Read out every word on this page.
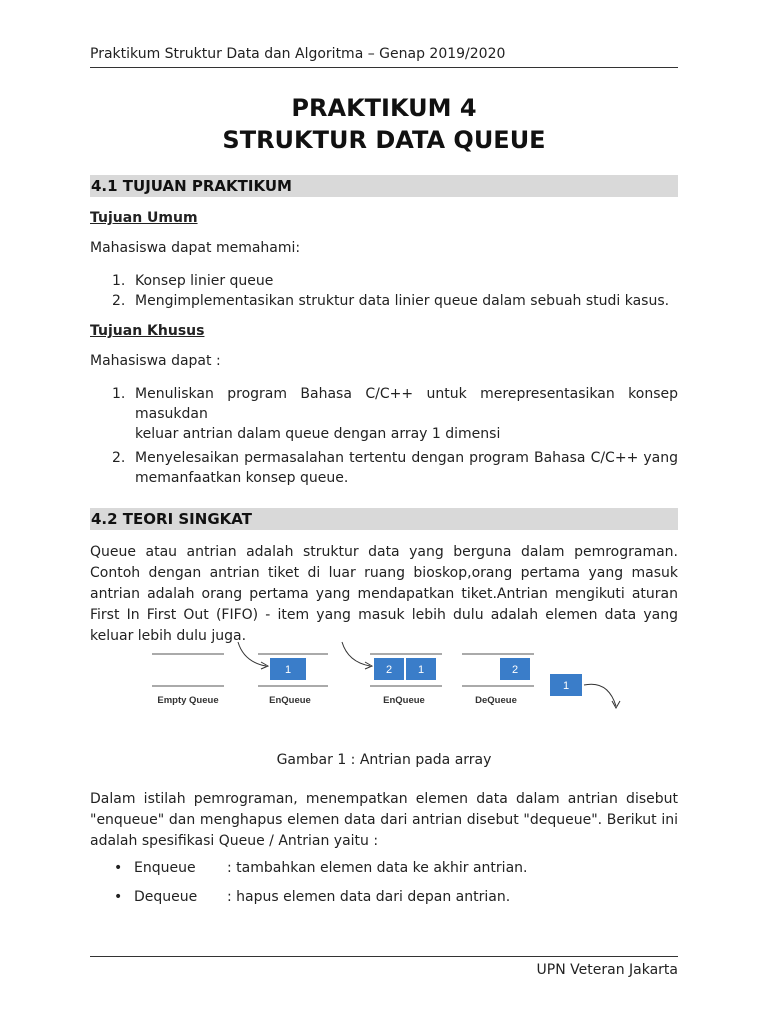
Praktikum Struktur Data dan Algoritma – Genap 2019/2020
PRAKTIKUM 4
STRUKTUR DATA QUEUE
4.1 TUJUAN PRAKTIKUM
Tujuan Umum
Mahasiswa dapat memahami:
1. Konsep linier queue
2. Mengimplementasikan struktur data linier queue dalam sebuah studi kasus.
Tujuan Khusus
Mahasiswa dapat :
1. Menuliskan program Bahasa C/C++ untuk merepresentasikan konsep masukdan
keluar antrian dalam queue dengan array 1 dimensi
2. Menyelesaikan permasalahan tertentu dengan program Bahasa C/C++ yang
memanfaatkan konsep queue.
4.2 TEORI SINGKAT
Queue atau antrian adalah struktur data yang berguna dalam pemrograman. Contoh dengan antrian tiket di luar ruang bioskop,orang pertama yang masuk antrian adalah orang pertama yang mendapatkan tiket.Antrian mengikuti aturan First In First Out (FIFO) - item yang masuk lebih dulu adalah elemen data yang keluar lebih dulu juga.
Empty Queue
1
EnQueue
2 1
EnQueue
2
DeQueue
1
Gambar 1 : Antrian pada array
Dalam istilah pemrograman, menempatkan elemen data dalam antrian disebut "enqueue" dan menghapus elemen data dari antrian disebut "dequeue". Berikut ini adalah spesifikasi Queue / Antrian yaitu :
• Enqueue : tambahkan elemen data ke akhir antrian.
• Dequeue : hapus elemen data dari depan antrian.
UPN Veteran Jakarta
